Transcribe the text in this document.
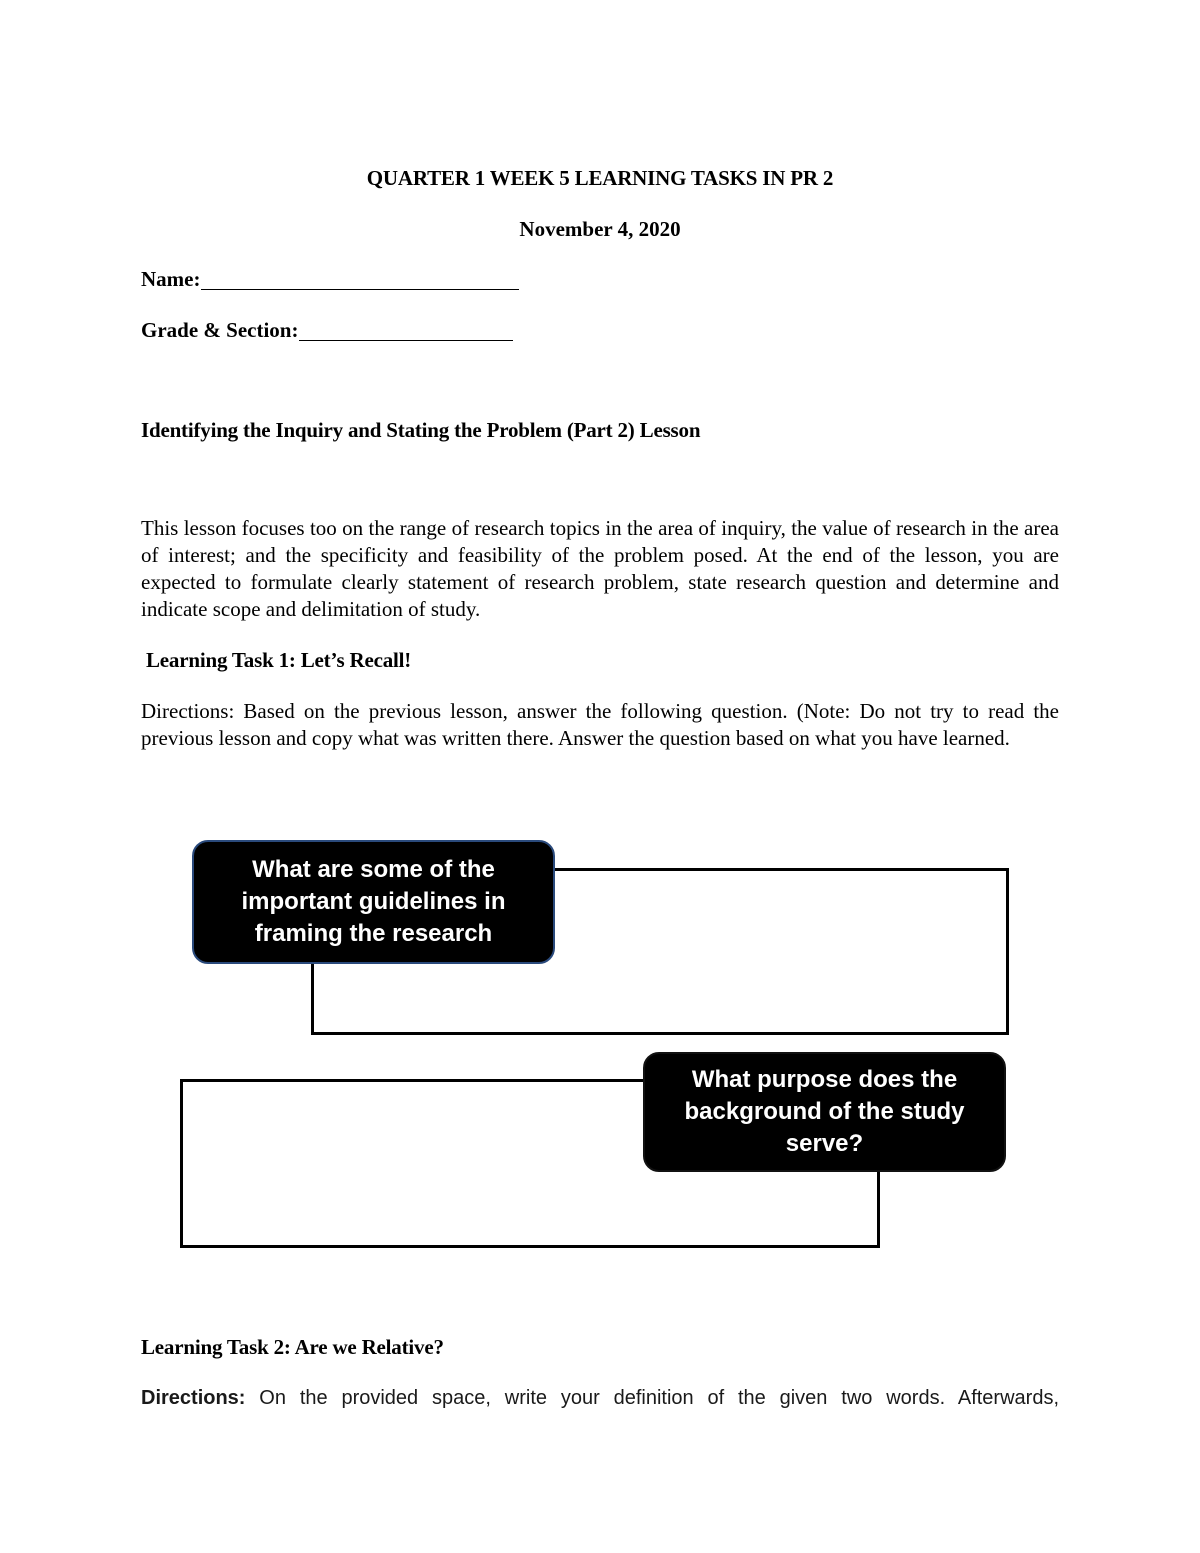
QUARTER 1 WEEK 5 LEARNING TASKS IN PR 2
November 4, 2020
Name:
Grade & Section:
Identifying the Inquiry and Stating the Problem (Part 2) Lesson
This lesson focuses too on the range of research topics in the area of inquiry, the value of research in the area of interest; and the specificity and feasibility of the problem posed. At the end of the lesson, you are expected to formulate clearly statement of research problem, state research question and determine and indicate scope and delimitation of study.
Learning Task 1: Let’s Recall!
Directions: Based on the previous lesson, answer the following question. (Note: Do not try to read the previous lesson and copy what was written there. Answer the question based on what you have learned.
What are some of the important guidelines in framing the research
What purpose does the background of the study serve?
Learning Task 2: Are we Relative?
Directions: On the provided space, write your definition of the given two words. Afterwards,
